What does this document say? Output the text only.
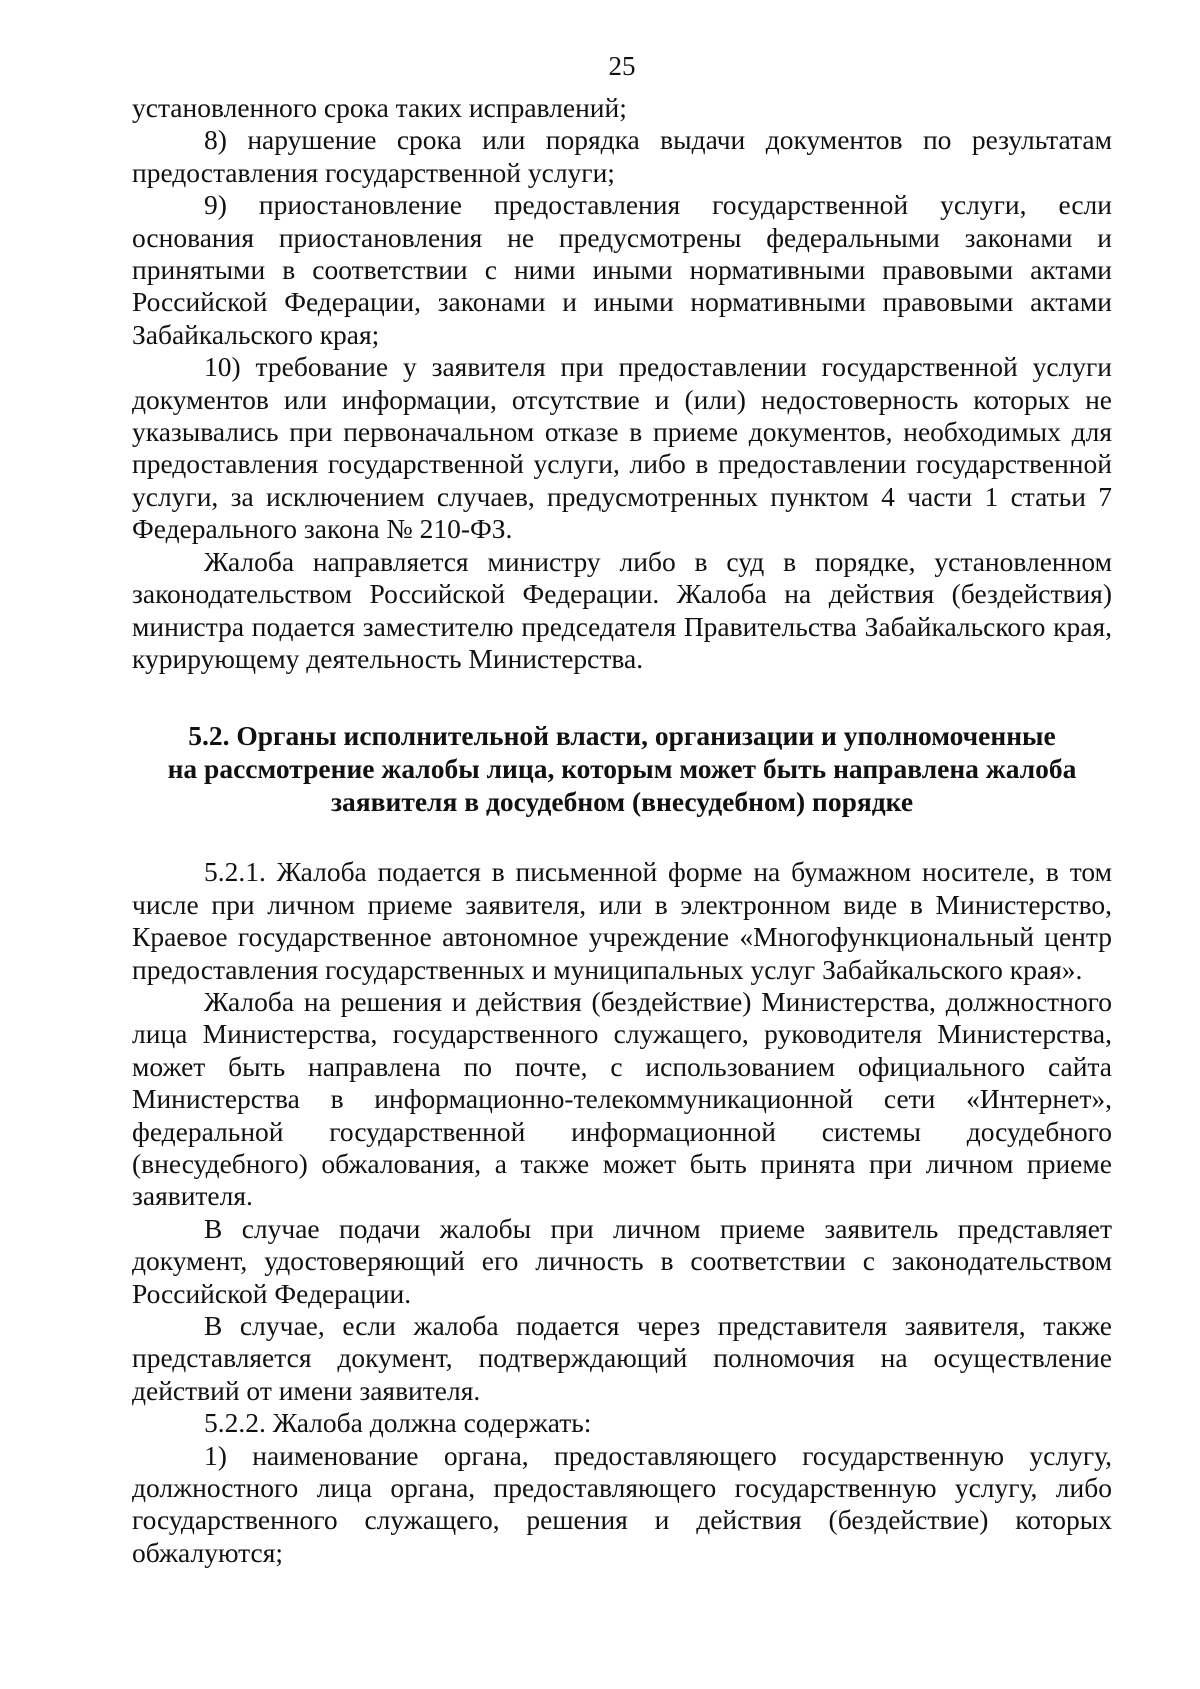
25

установленного срока таких исправлений;

8) нарушение срока или порядка выдачи документов по результатам предоставления государственной услуги;

9) приостановление предоставления государственной услуги, если основания приостановления не предусмотрены федеральными законами и принятыми в соответствии с ними иными нормативными правовыми актами Российской Федерации, законами и иными нормативными правовыми актами Забайкальского края;

10) требование у заявителя при предоставлении государственной услуги документов или информации, отсутствие и (или) недостоверность которых не указывались при первоначальном отказе в приеме документов, необходимых для предоставления государственной услуги, либо в предоставлении государственной услуги, за исключением случаев, предусмотренных пунктом 4 части 1 статьи 7 Федерального закона № 210-ФЗ.

Жалоба направляется министру либо в суд в порядке, установленном законодательством Российской Федерации. Жалоба на действия (бездействия) министра подается заместителю председателя Правительства Забайкальского края, курирующему деятельность Министерства.

5.2. Органы исполнительной власти, организации и уполномоченные
на рассмотрение жалобы лица, которым может быть направлена жалоба
заявителя в досудебном (внесудебном) порядке

5.2.1. Жалоба подается в письменной форме на бумажном носителе, в том числе при личном приеме заявителя, или в электронном виде в Министерство, Краевое государственное автономное учреждение «Многофункциональный центр предоставления государственных и муниципальных услуг Забайкальского края».

Жалоба на решения и действия (бездействие) Министерства, должностного лица Министерства, государственного служащего, руководителя Министерства, может быть направлена по почте, с использованием официального сайта Министерства в информационно-телекоммуникационной сети «Интернет», федеральной государственной информационной системы досудебного (внесудебного) обжалования, а также может быть принята при личном приеме заявителя.

В случае подачи жалобы при личном приеме заявитель представляет документ, удостоверяющий его личность в соответствии с законодательством Российской Федерации.

В случае, если жалоба подается через представителя заявителя, также представляется документ, подтверждающий полномочия на осуществление действий от имени заявителя.

5.2.2. Жалоба должна содержать:

1) наименование органа, предоставляющего государственную услугу, должностного лица органа, предоставляющего государственную услугу, либо государственного служащего, решения и действия (бездействие) которых обжалуются;
